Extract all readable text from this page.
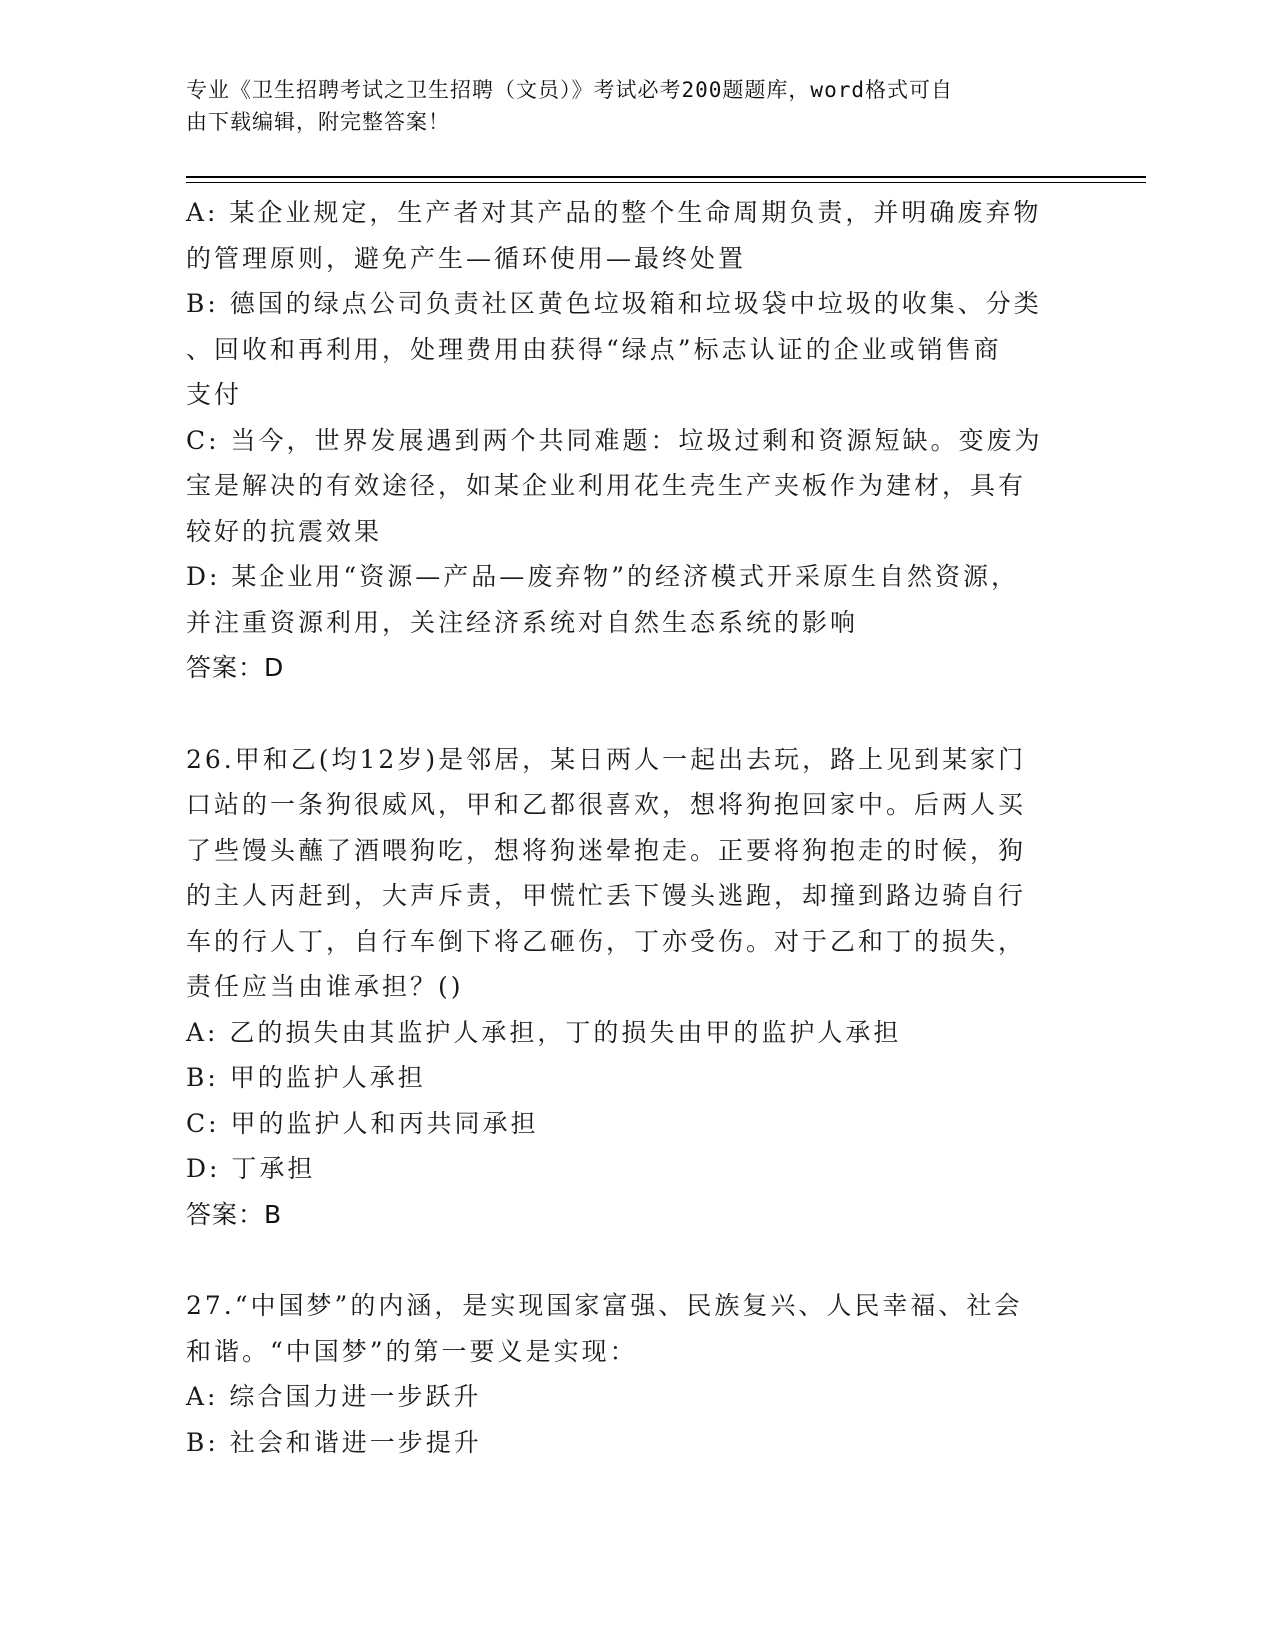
专业《卫生招聘考试之卫生招聘（文员）》考试必考200题题库，word格式可自
由下载编辑，附完整答案！
A: 某企业规定，生产者对其产品的整个生命周期负责，并明确废弃物
的管理原则，避免产生—循环使用—最终处置
B: 德国的绿点公司负责社区黄色垃圾箱和垃圾袋中垃圾的收集、分类
、回收和再利用，处理费用由获得“绿点”标志认证的企业或销售商
支付
C: 当今，世界发展遇到两个共同难题：垃圾过剩和资源短缺。变废为
宝是解决的有效途径，如某企业利用花生壳生产夹板作为建材，具有
较好的抗震效果
D: 某企业用“资源—产品—废弃物”的经济模式开采原生自然资源，
并注重资源利用，关注经济系统对自然生态系统的影响
答案：D
26.甲和乙(均12岁)是邻居，某日两人一起出去玩，路上见到某家门
口站的一条狗很威风，甲和乙都很喜欢，想将狗抱回家中。后两人买
了些馒头蘸了酒喂狗吃，想将狗迷晕抱走。正要将狗抱走的时候，狗
的主人丙赶到，大声斥责，甲慌忙丢下馒头逃跑，却撞到路边骑自行
车的行人丁，自行车倒下将乙砸伤，丁亦受伤。对于乙和丁的损失，
责任应当由谁承担？()
A: 乙的损失由其监护人承担，丁的损失由甲的监护人承担
B: 甲的监护人承担
C: 甲的监护人和丙共同承担
D: 丁承担
答案：B
27.“中国梦”的内涵，是实现国家富强、民族复兴、人民幸福、社会
和谐。“中国梦”的第一要义是实现：
A: 综合国力进一步跃升
B: 社会和谐进一步提升
